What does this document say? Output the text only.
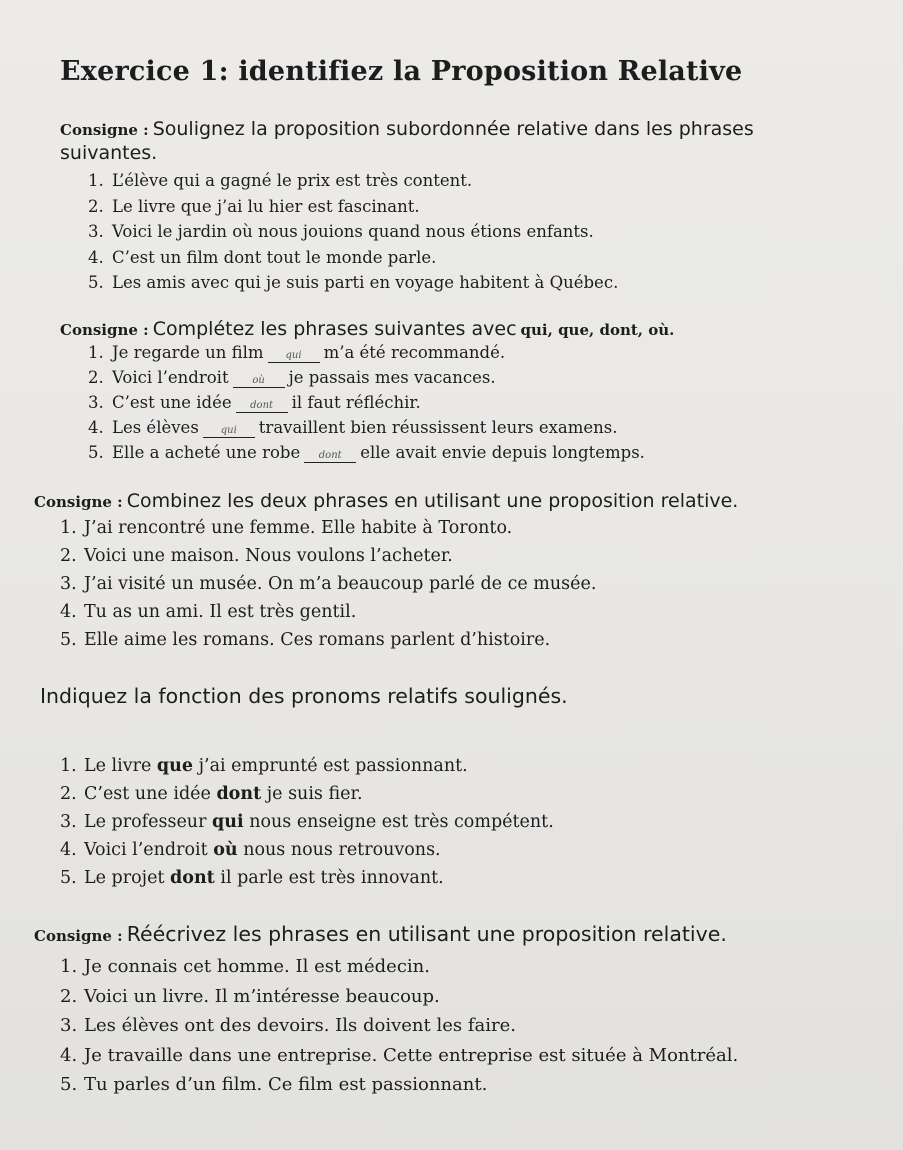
Exercice 1: identifiez la Proposition Relative

Consigne : Soulignez la proposition subordonnée relative dans les phrases

suivantes.

1. L’élève qui a gagné le prix est très content.
2. Le livre que j’ai lu hier est fascinant.
3. Voici le jardin où nous jouions quand nous étions enfants.
4. C’est un film dont tout le monde parle.
5. Les amis avec qui je suis parti en voyage habitent à Québec.

Consigne : Complétez les phrases suivantes avec qui, que, dont, où.

1. Je regarde un film qui m’a été recommandé.
2. Voici l’endroit où je passais mes vacances.
3. C’est une idée dont il faut réfléchir.
4. Les élèves qui travaillent bien réussissent leurs examens.
5. Elle a acheté une robe dont elle avait envie depuis longtemps.

Consigne : Combinez les deux phrases en utilisant une proposition relative.

1. J’ai rencontré une femme. Elle habite à Toronto.
2. Voici une maison. Nous voulons l’acheter.
3. J’ai visité un musée. On m’a beaucoup parlé de ce musée.
4. Tu as un ami. Il est très gentil.
5. Elle aime les romans. Ces romans parlent d’histoire.
Indiquez la fonction des pronoms relatifs soulignés.
1. Le livre que j’ai emprunté est passionnant.
2. C’est une idée dont je suis fier.
3. Le professeur qui nous enseigne est très compétent.
4. Voici l’endroit où nous nous retrouvons.
5. Le projet dont il parle est très innovant.

Consigne : Réécrivez les phrases en utilisant une proposition relative.

1. Je connais cet homme. Il est médecin.
2. Voici un livre. Il m’intéresse beaucoup.
3. Les élèves ont des devoirs. Ils doivent les faire.
4. Je travaille dans une entreprise. Cette entreprise est située à Montréal.
5. Tu parles d’un film. Ce film est passionnant.
